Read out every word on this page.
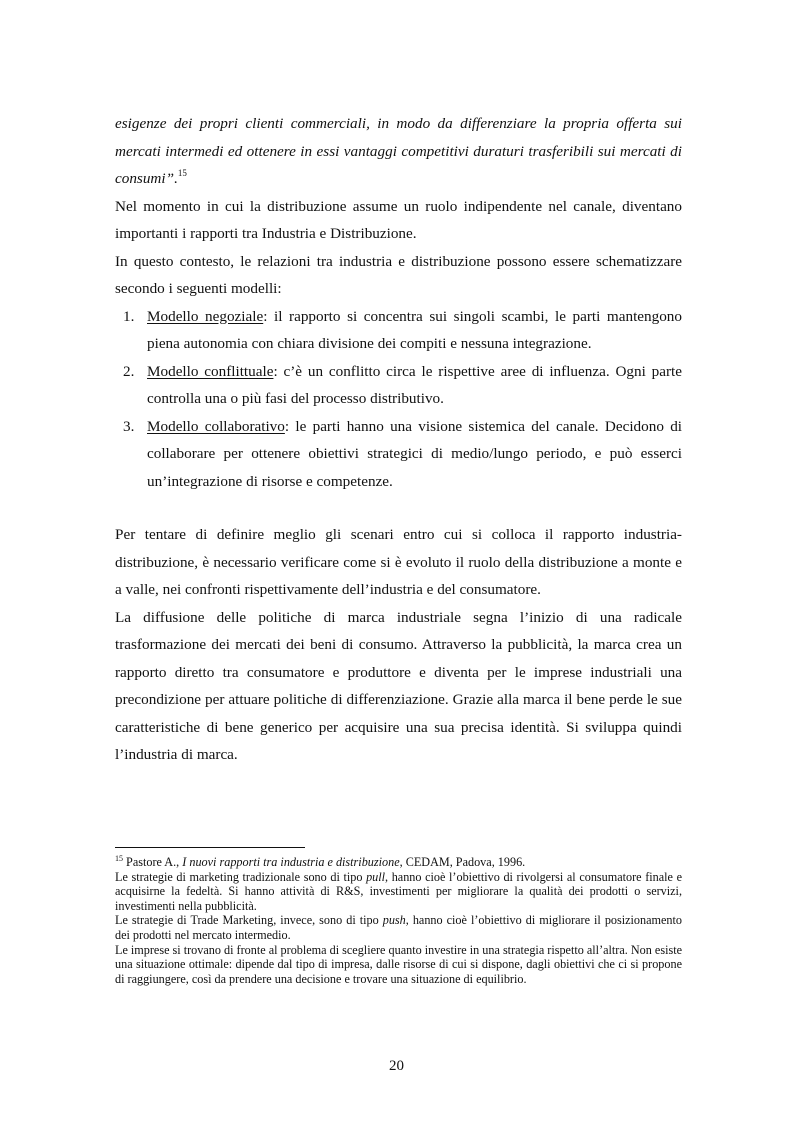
esigenze dei propri clienti commerciali, in modo da differenziare la propria offerta sui mercati intermedi ed ottenere in essi vantaggi competitivi duraturi trasferibili sui mercati di consumi”.$^{15}$

Nel momento in cui la distribuzione assume un ruolo indipendente nel canale, diventano importanti i rapporti tra Industria e Distribuzione.

In questo contesto, le relazioni tra industria e distribuzione possono essere schematizzare secondo i seguenti modelli:

1. Modello negoziale: il rapporto si concentra sui singoli scambi, le parti mantengono piena autonomia con chiara divisione dei compiti e nessuna integrazione.
2. Modello conflittuale: c’è un conflitto circa le rispettive aree di influenza. Ogni parte controlla una o più fasi del processo distributivo.
3. Modello collaborativo: le parti hanno una visione sistemica del canale. Decidono di collaborare per ottenere obiettivi strategici di medio/lungo periodo, e può esserci un’integrazione di risorse e competenze.

Per tentare di definire meglio gli scenari entro cui si colloca il rapporto industria-distribuzione, è necessario verificare come si è evoluto il ruolo della distribuzione a monte e a valle, nei confronti rispettivamente dell’industria e del consumatore.

La diffusione delle politiche di marca industriale segna l’inizio di una radicale trasformazione dei mercati dei beni di consumo. Attraverso la pubblicità, la marca crea un rapporto diretto tra consumatore e produttore e diventa per le imprese industriali una precondizione per attuare politiche di differenziazione. Grazie alla marca il bene perde le sue caratteristiche di bene generico per acquisire una sua precisa identità. Si sviluppa quindi l’industria di marca.

$^{15}$ Pastore A., I nuovi rapporti tra industria e distribuzione, CEDAM, Padova, 1996.

Le strategie di marketing tradizionale sono di tipo pull, hanno cioè l’obiettivo di rivolgersi al consumatore finale e acquisirne la fedeltà. Si hanno attività di R&S, investimenti per migliorare la qualità dei prodotti o servizi, investimenti nella pubblicità.

Le strategie di Trade Marketing, invece, sono di tipo push, hanno cioè l’obiettivo di migliorare il posizionamento dei prodotti nel mercato intermedio.

Le imprese si trovano di fronte al problema di scegliere quanto investire in una strategia rispetto all’altra. Non esiste una situazione ottimale: dipende dal tipo di impresa, dalle risorse di cui si dispone, dagli obiettivi che ci si propone di raggiungere, così da prendere una decisione e trovare una situazione di equilibrio.

20
